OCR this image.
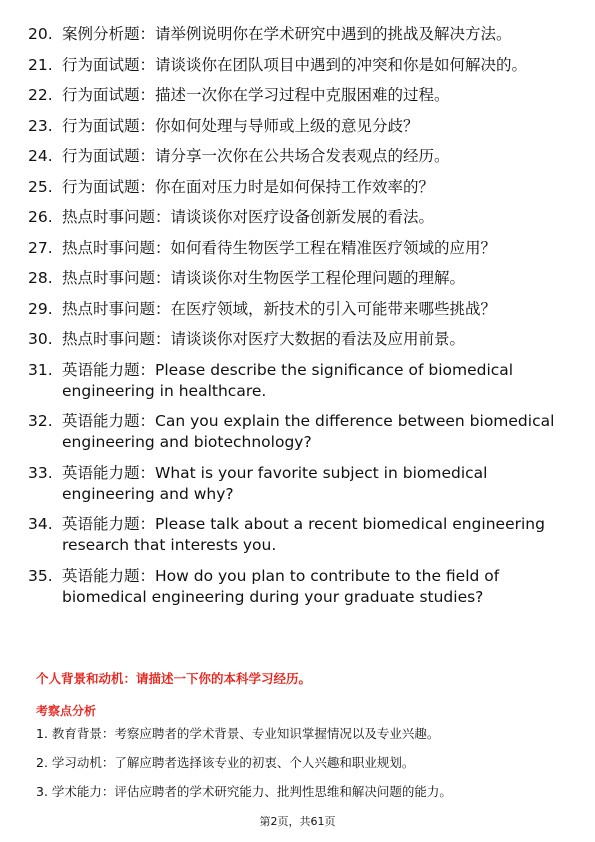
20. 案例分析题：请举例说明你在学术研究中遇到的挑战及解决方法。
21. 行为面试题：请谈谈你在团队项目中遇到的冲突和你是如何解决的。
22. 行为面试题：描述一次你在学习过程中克服困难的过程。
23. 行为面试题：你如何处理与导师或上级的意见分歧？
24. 行为面试题：请分享一次你在公共场合发表观点的经历。
25. 行为面试题：你在面对压力时是如何保持工作效率的？
26. 热点时事问题：请谈谈你对医疗设备创新发展的看法。
27. 热点时事问题：如何看待生物医学工程在精准医疗领域的应用？
28. 热点时事问题：请谈谈你对生物医学工程伦理问题的理解。
29. 热点时事问题：在医疗领域，新技术的引入可能带来哪些挑战？
30. 热点时事问题：请谈谈你对医疗大数据的看法及应用前景。
31. 英语能力题：Please describe the significance of biomedical engineering in healthcare.
32. 英语能力题：Can you explain the difference between biomedical engineering and biotechnology?
33. 英语能力题：What is your favorite subject in biomedical engineering and why?
34. 英语能力题：Please talk about a recent biomedical engineering research that interests you.
35. 英语能力题：How do you plan to contribute to the field of biomedical engineering during your graduate studies?
个人背景和动机：请描述一下你的本科学习经历。
考察点分析
1. 教育背景：考察应聘者的学术背景、专业知识掌握情况以及专业兴趣。
2. 学习动机：了解应聘者选择该专业的初衷、个人兴趣和职业规划。
3. 学术能力：评估应聘者的学术研究能力、批判性思维和解决问题的能力。
第2页，共61页
